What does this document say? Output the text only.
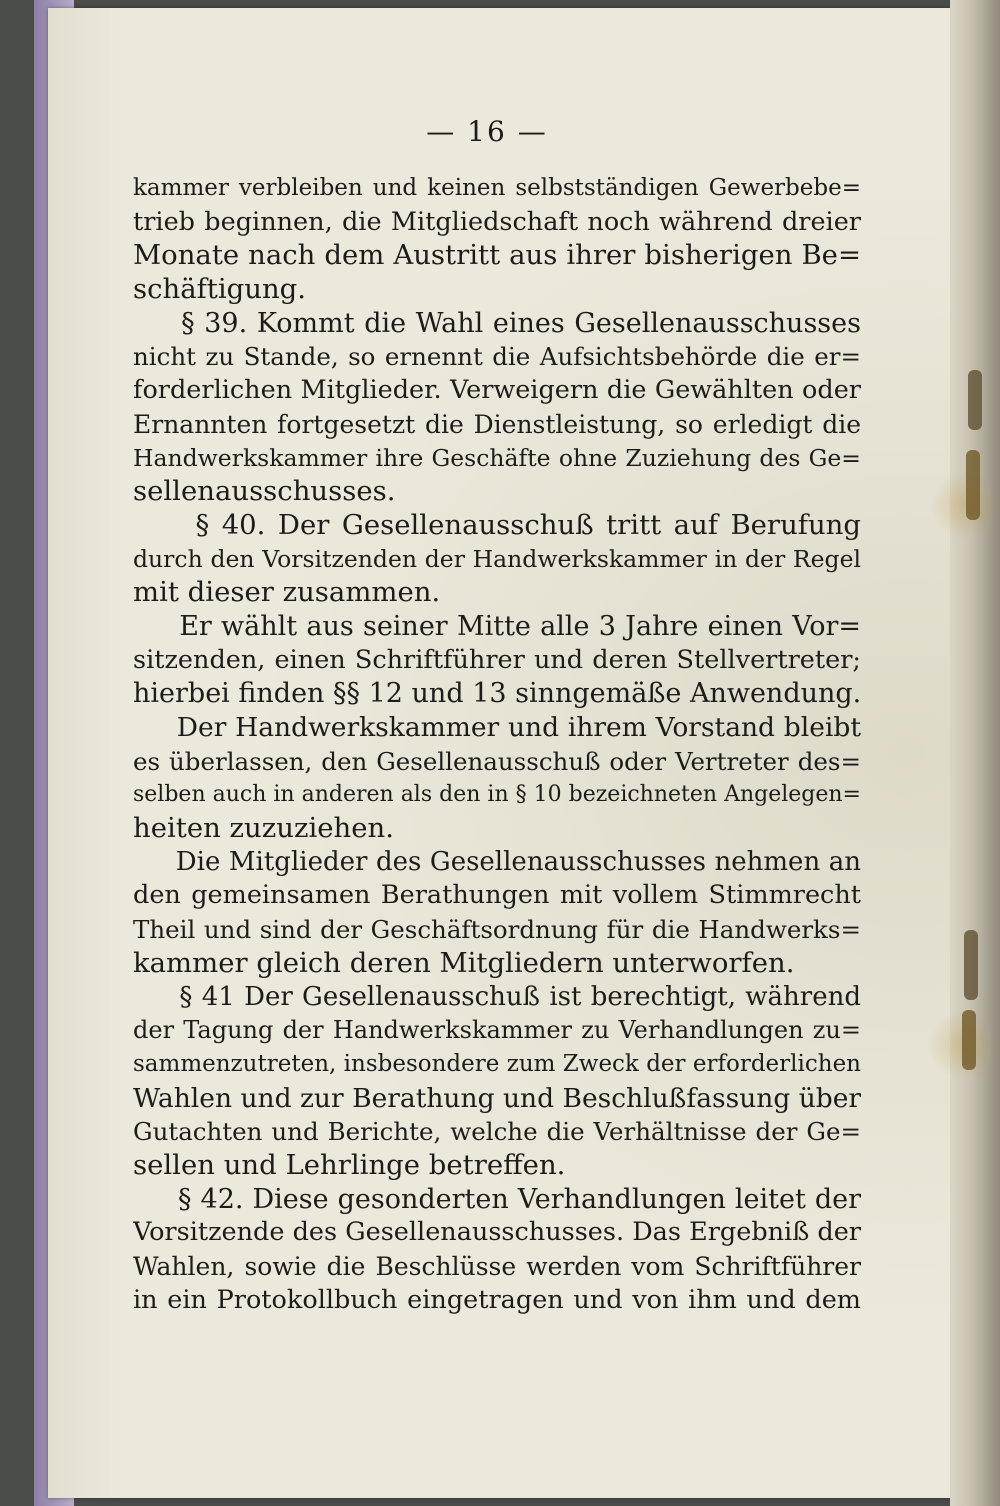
— 16 —
kammer verbleiben und keinen selbstständigen Gewerbebe=
trieb beginnen, die Mitgliedschaft noch während dreier
Monate nach dem Austritt aus ihrer bisherigen Be=
schäftigung.
§ 39. Kommt die Wahl eines Gesellenausschusses
nicht zu Stande, so ernennt die Aufsichtsbehörde die er=
forderlichen Mitglieder. Verweigern die Gewählten oder
Ernannten fortgesetzt die Dienstleistung, so erledigt die
Handwerkskammer ihre Geschäfte ohne Zuziehung des Ge=
sellenausschusses.
§ 40. Der Gesellenausschuß tritt auf Berufung
durch den Vorsitzenden der Handwerkskammer in der Regel
mit dieser zusammen.
Er wählt aus seiner Mitte alle 3 Jahre einen Vor=
sitzenden, einen Schriftführer und deren Stellvertreter;
hierbei finden §§ 12 und 13 sinngemäße Anwendung.
Der Handwerkskammer und ihrem Vorstand bleibt
es überlassen, den Gesellenausschuß oder Vertreter des=
selben auch in anderen als den in § 10 bezeichneten Angelegen=
heiten zuzuziehen.
Die Mitglieder des Gesellenausschusses nehmen an
den gemeinsamen Berathungen mit vollem Stimmrecht
Theil und sind der Geschäftsordnung für die Handwerks=
kammer gleich deren Mitgliedern unterworfen.
§ 41 Der Gesellenausschuß ist berechtigt, während
der Tagung der Handwerkskammer zu Verhandlungen zu=
sammenzutreten, insbesondere zum Zweck der erforderlichen
Wahlen und zur Berathung und Beschlußfassung über
Gutachten und Berichte, welche die Verhältnisse der Ge=
sellen und Lehrlinge betreffen.
§ 42. Diese gesonderten Verhandlungen leitet der
Vorsitzende des Gesellenausschusses. Das Ergebniß der
Wahlen, sowie die Beschlüsse werden vom Schriftführer
in ein Protokollbuch eingetragen und von ihm und dem
